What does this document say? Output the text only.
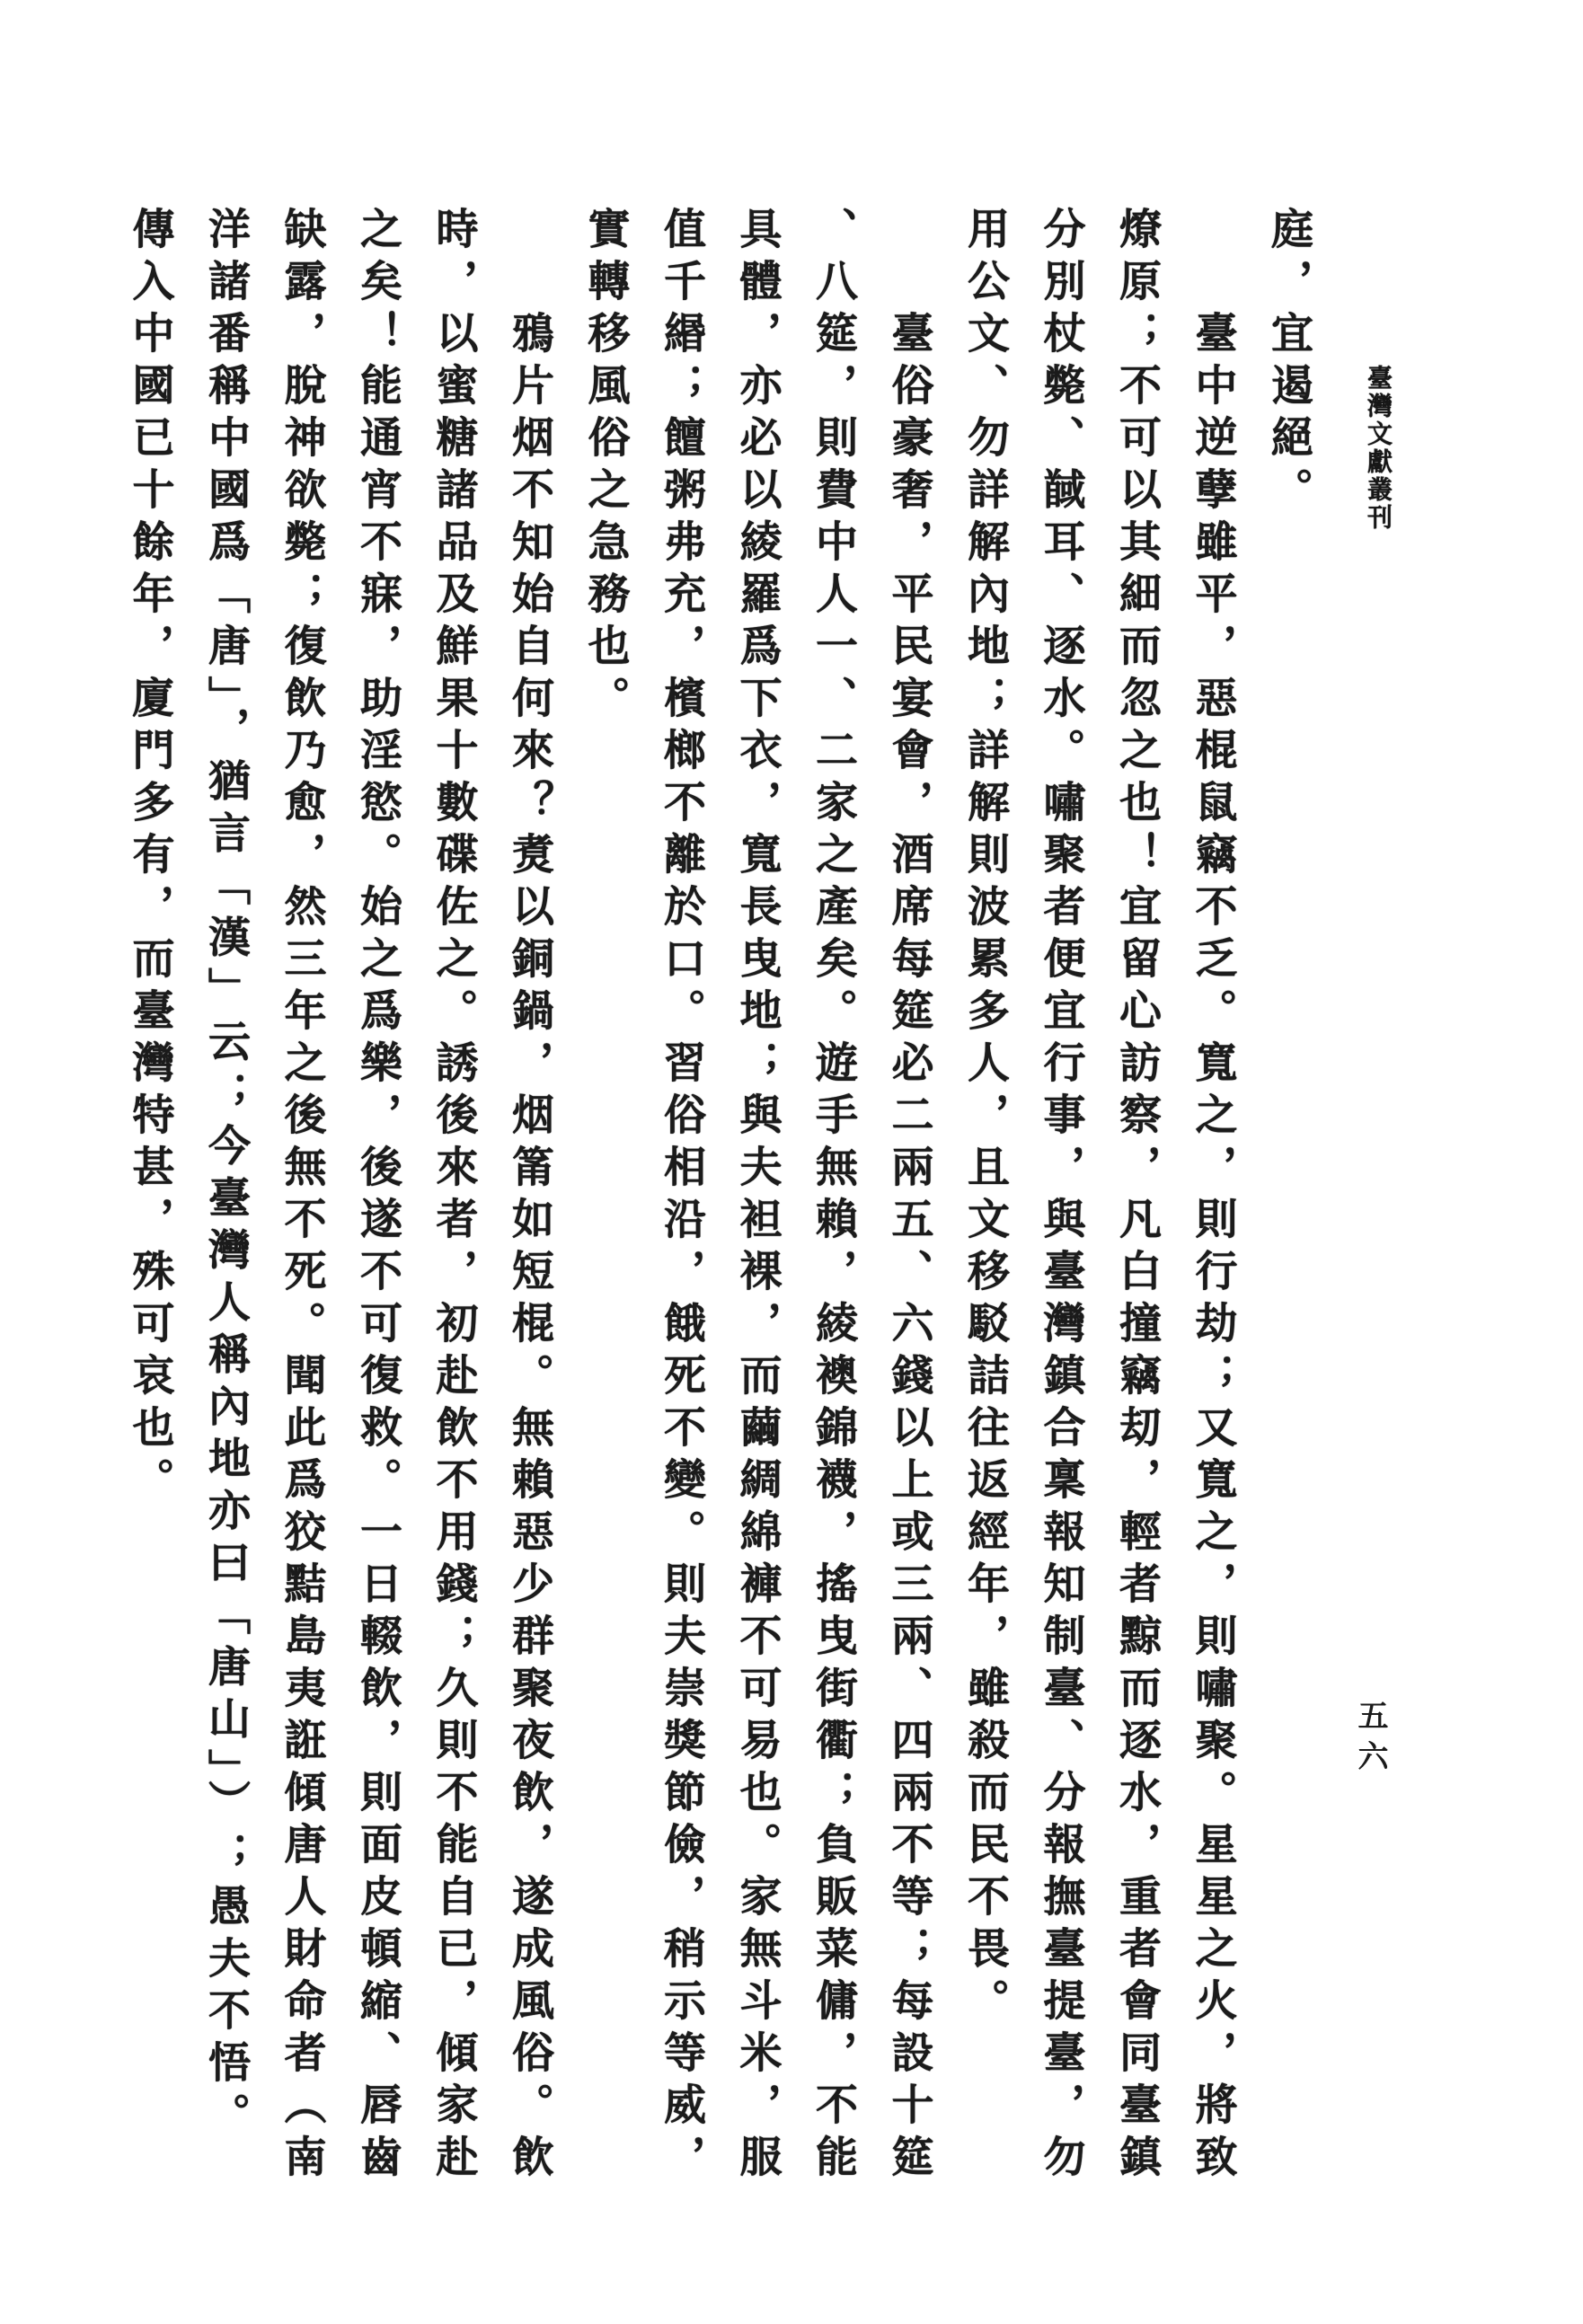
臺灣文獻叢刊
五六
庭，宜遏絕。
臺中逆孽雖平，惡棍鼠竊不乏。寬之，則行劫；又寬之，則嘯聚。星星之火，將致
燎原；不可以其細而忽之也！宜留心訪察，凡白撞竊刧，輕者黥而逐水，重者會同臺鎮
分別杖斃、馘耳、逐水。嘯聚者便宜行事，與臺灣鎮合稟報知制臺、分報撫臺提臺，勿
用公文、勿詳解內地；詳解則波累多人，且文移駁詰往返經年，雖殺而民不畏。
臺俗豪奢，平民宴會，酒席每筵必二兩五、六錢以上或三兩、四兩不等；每設十筵
、八筵，則費中人一、二家之產矣。遊手無賴，綾襖錦襪，搖曳街衢；負販菜傭，不能
具體，亦必以綾羅爲下衣，寬長曳地；與夫袒裸，而繭綢綿褲不可易也。家無斗米，服
值千緡；饘粥弗充，檳榔不離於口。習俗相沿，餓死不變。則夫崇獎節儉，稍示等威，
實轉移風俗之急務也。
鴉片烟不知始自何來？煑以銅鍋，烟筩如短棍。無賴惡少群聚夜飲，遂成風俗。飲
時，以蜜糖諸品及鮮果十數碟佐之。誘後來者，初赴飲不用錢；久則不能自已，傾家赴
之矣！能通宵不寐，助淫慾。始之爲樂，後遂不可復救。一日輟飲，則面皮頓縮、唇齒
缺露，脫神欲斃；復飲乃愈，然三年之後無不死。聞此爲狡黠島夷誑傾唐人財命者（南
洋諸番稱中國爲「唐」，猶言「漢」云；今臺灣人稱內地亦曰「唐山」）；愚夫不悟。
傳入中國已十餘年，廈門多有，而臺灣特甚，殊可哀也。
